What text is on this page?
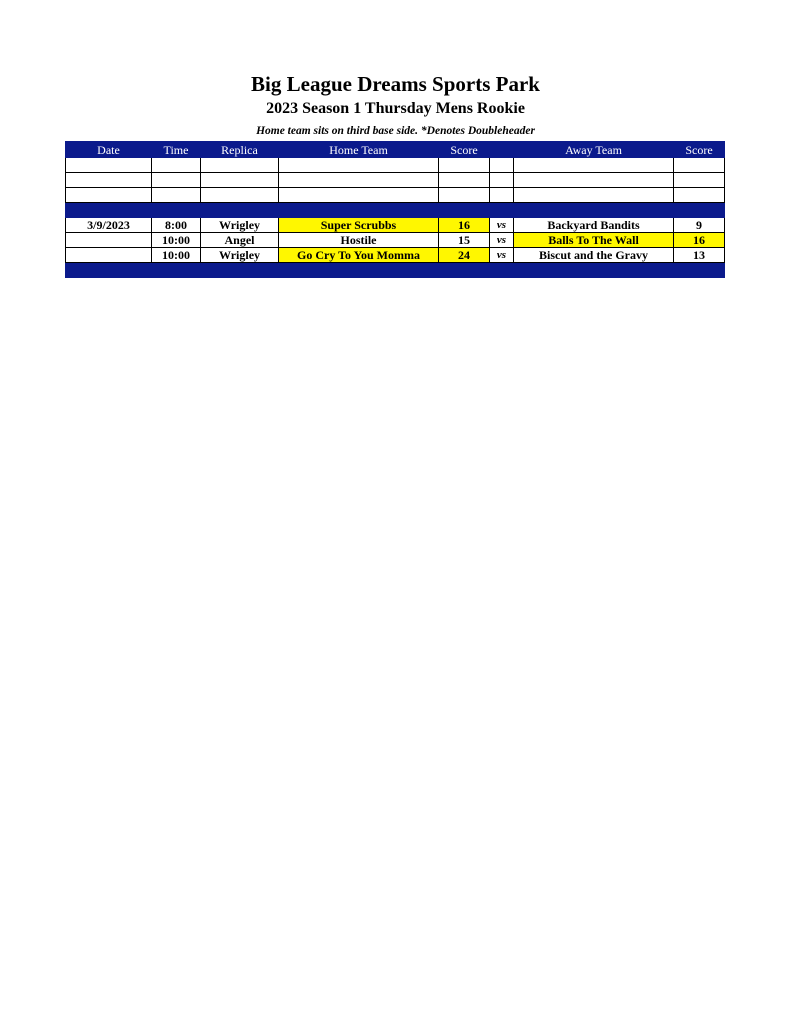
Big League Dreams Sports Park
2023 Season 1 Thursday Mens Rookie
Home team sits on third base side. *Denotes Doubleheader
Date	Time	Replica	Home Team	Score		Away Team	Score

3/9/2023	8:00	Wrigley	Super Scrubbs	16	vs	Backyard Bandits	9
	10:00	Angel	Hostile	15	vs	Balls To The Wall	16
	10:00	Wrigley	Go Cry To You Momma	24	vs	Biscut and the Gravy	13
